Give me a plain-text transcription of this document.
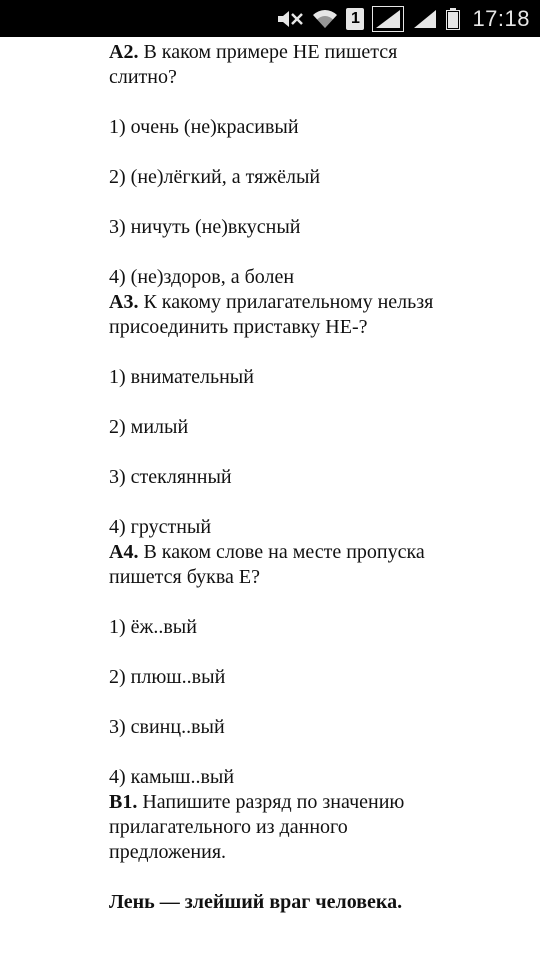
1	17:18

А2. В каком примере НЕ пишется
слитно?

1) очень (не)красивый

2) (не)лёгкий, а тяжёлый

3) ничуть (не)вкусный

4) (не)здоров, а болен

А3. К какому прилагательному нельзя
присоединить приставку НЕ-?

1) внимательный

2) милый

3) стеклянный

4) грустный

А4. В каком слове на месте пропуска
пишется буква Е?

1) ёж..вый

2) плюш..вый

3) свинц..вый

4) камыш..вый

В1. Напишите разряд по значению
прилагательного из данного
предложения.

Лень — злейший враг человека.
